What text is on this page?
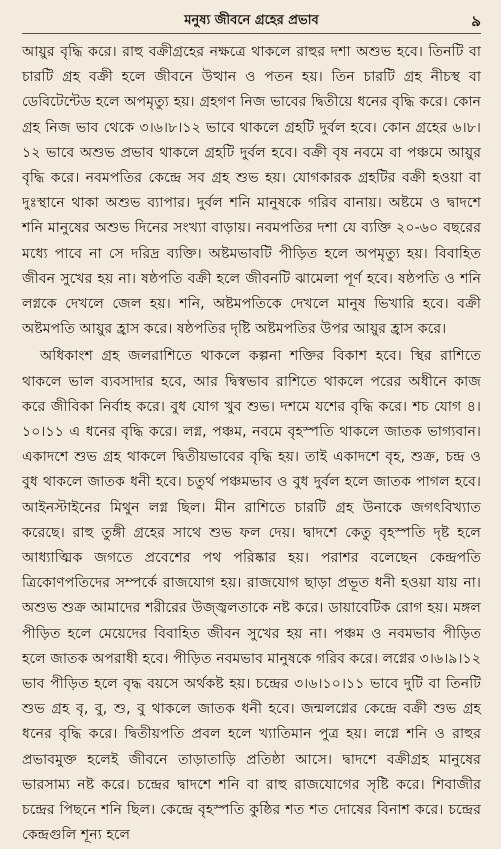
মনুষ্য জীবনে গ্রহের প্রভাব	৯

আয়ুর বৃদ্ধি করে। রাহু বক্রীগ্রহের নক্ষত্রে থাকলে রাহুর দশা অশুভ হবে। তিনটি বা চারটি গ্রহ বক্রী হলে জীবনে উত্থান ও পতন হয়। তিন চারটি গ্রহ নীচস্থ বা ডেবিটেন্টেড হলে অপমৃত্যু হয়। গ্রহগণ নিজ ভাবের দ্বিতীয়ে ধনের বৃদ্ধি করে। কোন গ্রহ নিজ ভাব থেকে ৩।৬।৮।১২ ভাবে থাকলে গ্রহটি দুর্বল হবে। কোন গ্রহের ৬।৮।১২ ভাবে অশুভ প্রভাব থাকলে গ্রহটি দুর্বল হবে। বক্রী বৃষ নবমে বা পঞ্চমে আয়ুর বৃদ্ধি করে। নবমপতির কেন্দ্রে সব গ্রহ শুভ হয়। যোগকারক গ্রহটির বক্রী হওয়া বা দুঃস্থানে থাকা অশুভ ব্যাপার। দুর্বল শনি মানুষকে গরিব বানায়। অষ্টমে ও দ্বাদশে শনি মানুষের অশুভ দিনের সংখ্যা বাড়ায়। নবমপতির দশা যে ব্যক্তি ২০-৬০ বছরের মধ্যে পাবে না সে দরিদ্র ব্যক্তি। অষ্টমভাবটি পীড়িত হলে অপমৃত্যু হয়। বিবাহিত জীবন সুখের হয় না। ষষ্ঠপতি বক্রী হলে জীবনটি ঝামেলা পূর্ণ হবে। ষষ্ঠপতি ও শনি লগ্নকে দেখলে জেল হয়। শনি, অষ্টমপতিকে দেখলে মানুষ ভিখারি হবে। বক্রী অষ্টমপতি আয়ুর হ্রাস করে। ষষ্ঠপতির দৃষ্টি অষ্টমপতির উপর আয়ুর হ্রাস করে।

অধিকাংশ গ্রহ জলরাশিতে থাকলে কল্পনা শক্তির বিকাশ হবে। স্থির রাশিতে থাকলে ভাল ব্যবসাদার হবে, আর দ্বিস্বভাব রাশিতে থাকলে পরের অধীনে কাজ করে জীবিকা নির্বাহ করে। বুধ যোগ খুব শুভ। দশমে যশের বৃদ্ধি করে। শচ যোগ ৪।১০।১১ এ ধনের বৃদ্ধি করে। লগ্ন, পঞ্চম, নবমে বৃহস্পতি থাকলে জাতক ভাগ্যবান। একাদশে শুভ গ্রহ থাকলে দ্বিতীয়ভাবের বৃদ্ধি হয়। তাই একাদশে বৃহ, শুক্র, চন্দ্র ও বুধ থাকলে জাতক ধনী হবে। চতুর্থ পঞ্চমভাব ও বুধ দুর্বল হলে জাতক পাগল হবে। আইনস্টাইনের মিথুন লগ্ন ছিল। মীন রাশিতে চারটি গ্রহ উনাকে জগৎবিখ্যাত করেছে। রাহু তুঙ্গী গ্রহের সাথে শুভ ফল দেয়। দ্বাদশে কেতু বৃহস্পতি দৃষ্ট হলে আধ্যাত্মিক জগতে প্রবেশের পথ পরিষ্কার হয়। পরাশর বলেছেন কেন্দ্রপতি ত্রিকোণপতিদের সম্পর্কে রাজযোগ হয়। রাজযোগ ছাড়া প্রভূত ধনী হওয়া যায় না। অশুভ শুক্র আমাদের শরীরের উজ্জ্বলতাকে নষ্ট করে। ডায়াবেটিক রোগ হয়। মঙ্গল পীড়িত হলে মেয়েদের বিবাহিত জীবন সুখের হয় না। পঞ্চম ও নবমভাব পীড়িত হলে জাতক অপরাধী হবে। পীড়িত নবমভাব মানুষকে গরিব করে। লগ্নের ৩।৬।৯।১২ ভাব পীড়িত হলে বৃদ্ধ বয়সে অর্থকষ্ট হয়। চন্দ্রের ৩।৬।১০।১১ ভাবে দুটি বা তিনটি শুভ গ্রহ বৃ, বু, শু, বু থাকলে জাতক ধনী হবে। জন্মলগ্নের কেন্দ্রে বক্রী শুভ গ্রহ ধনের বৃদ্ধি করে। দ্বিতীয়পতি প্রবল হলে খ্যাতিমান পুত্র হয়। লগ্নে শনি ও রাহুর প্রভাবমুক্ত হলেই জীবনে তাড়াতাড়ি প্রতিষ্ঠা আসে। দ্বাদশে বক্রীগ্রহ মানুষের ভারসাম্য নষ্ট করে। চন্দ্রের দ্বাদশে শনি বা রাহু রাজযোগের সৃষ্টি করে। শিবাজীর চন্দ্রের পিছনে শনি ছিল। কেন্দ্রে বৃহস্পতি কুষ্ঠির শত শত দোষের বিনাশ করে। চন্দ্রের কেন্দ্রগুলি শূন্য হলে
